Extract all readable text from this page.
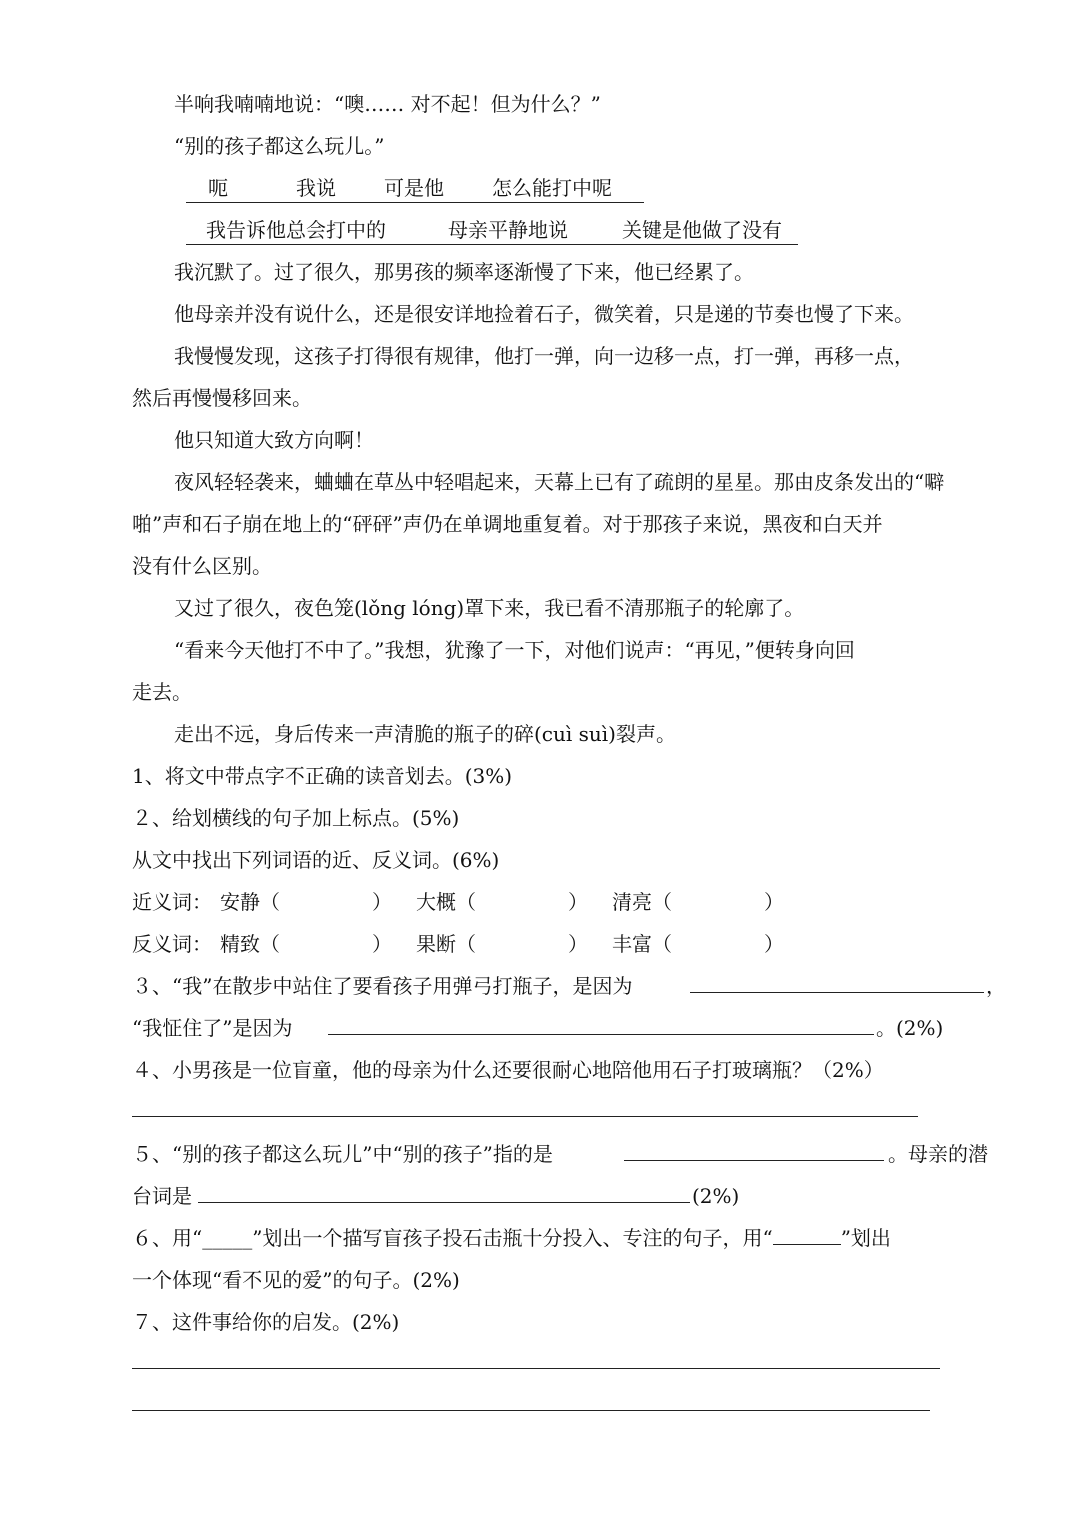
半响我喃喃地说：“噢…… 对不起！但为什么？”
“别的孩子都这么玩儿。”
呃	我说 可是他 怎么能打中呢
我告诉他总会打中的	母亲平静地说	关键是他做了没有
我沉默了。过了很久，那男孩的频率逐渐慢了下来，他已经累了。
他母亲并没有说什么，还是很安详地捡着石子，微笑着，只是递的节奏也慢了下来。
我慢慢发现，这孩子打得很有规律，他打一弹，向一边移一点，打一弹，再移一点，
然后再慢慢移回来。
他只知道大致方向啊！
夜风轻轻袭来，蛐蛐在草丛中轻唱起来，天幕上已有了疏朗的星星。那由皮条发出的“噼
啪”声和石子崩在地上的“砰砰”声仍在单调地重复着。对于那孩子来说，黑夜和白天并
没有什么区别。
又过了很久，夜色笼(lǒng lóng)罩下来，我已看不清那瓶子的轮廓了。
“看来今天他打不中了。”我想，犹豫了一下，对他们说声：“再见，”便转身向回
走去。
走出不远，身后传来一声清脆的瓶子的碎(cuì suì)裂声。
1、将文中带点字不正确的读音划去。(3%)
２、给划横线的句子加上标点。(5%)
从文中找出下列词语的近、反义词。(6%)
近义词： 安静（	） 大概（	） 清亮（	）
反义词： 精致（	） 果断（	） 丰富（	）
３、“我”在散步中站住了要看孩子用弹弓打瓶子，是因为	，
“我怔住了”是因为	。(2%)
４、小男孩是一位盲童，他的母亲为什么还要很耐心地陪他用石子打玻璃瓶？（2%）
５、“别的孩子都这么玩儿”中“别的孩子”指的是	。母亲的潜
台词是	(2%)
６、用“_____”划出一个描写盲孩子投石击瓶十分投入、专注的句子，用“	”划出
一个体现“看不见的爱”的句子。(2%)
７、这件事给你的启发。(2%)
